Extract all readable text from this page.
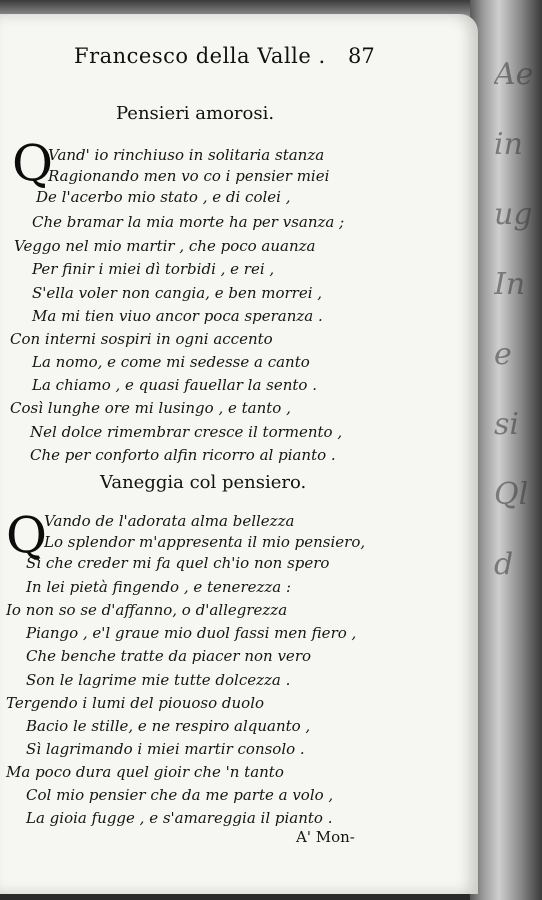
Ae
in
ug
In
e
si
Ql
d
Francesco della Valle . 87
Pensieri amorosi.
Q
Vand' io rinchiuso in solitaria stanza
Ragionando men vo co i pensier miei
De l'acerbo mio stato , e di colei ,
Che bramar la mia morte ha per vsanza ;
Veggo nel mio martir , che poco auanza
Per finir i miei dì torbidi , e rei ,
S'ella voler non cangia, e ben morrei ,
Ma mi tien viuo ancor poca speranza .
Con interni sospiri in ogni accento
La nomo, e come mi sedesse a canto
La chiamo , e quasi fauellar la sento .
Così lunghe ore mi lusingo , e tanto ,
Nel dolce rimembrar cresce il tormento ,
Che per conforto alfin ricorro al pianto .
Vaneggia col pensiero.
Q
Vando de l'adorata alma bellezza
Lo splendor m'appresenta il mio pensiero,
Sì che creder mi fa quel ch'io non spero
In lei pietà fingendo , e tenerezza :
Io non so se d'affanno, o d'allegrezza
Piango , e'l graue mio duol fassi men fiero ,
Che benche tratte da piacer non vero
Son le lagrime mie tutte dolcezza .
Tergendo i lumi del piouoso duolo
Bacio le stille, e ne respiro alquanto ,
Sì lagrimando i miei martir consolo .
Ma poco dura quel gioir che 'n tanto
Col mio pensier che da me parte a volo ,
La gioia fugge , e s'amareggia il pianto .
A' Mon-
